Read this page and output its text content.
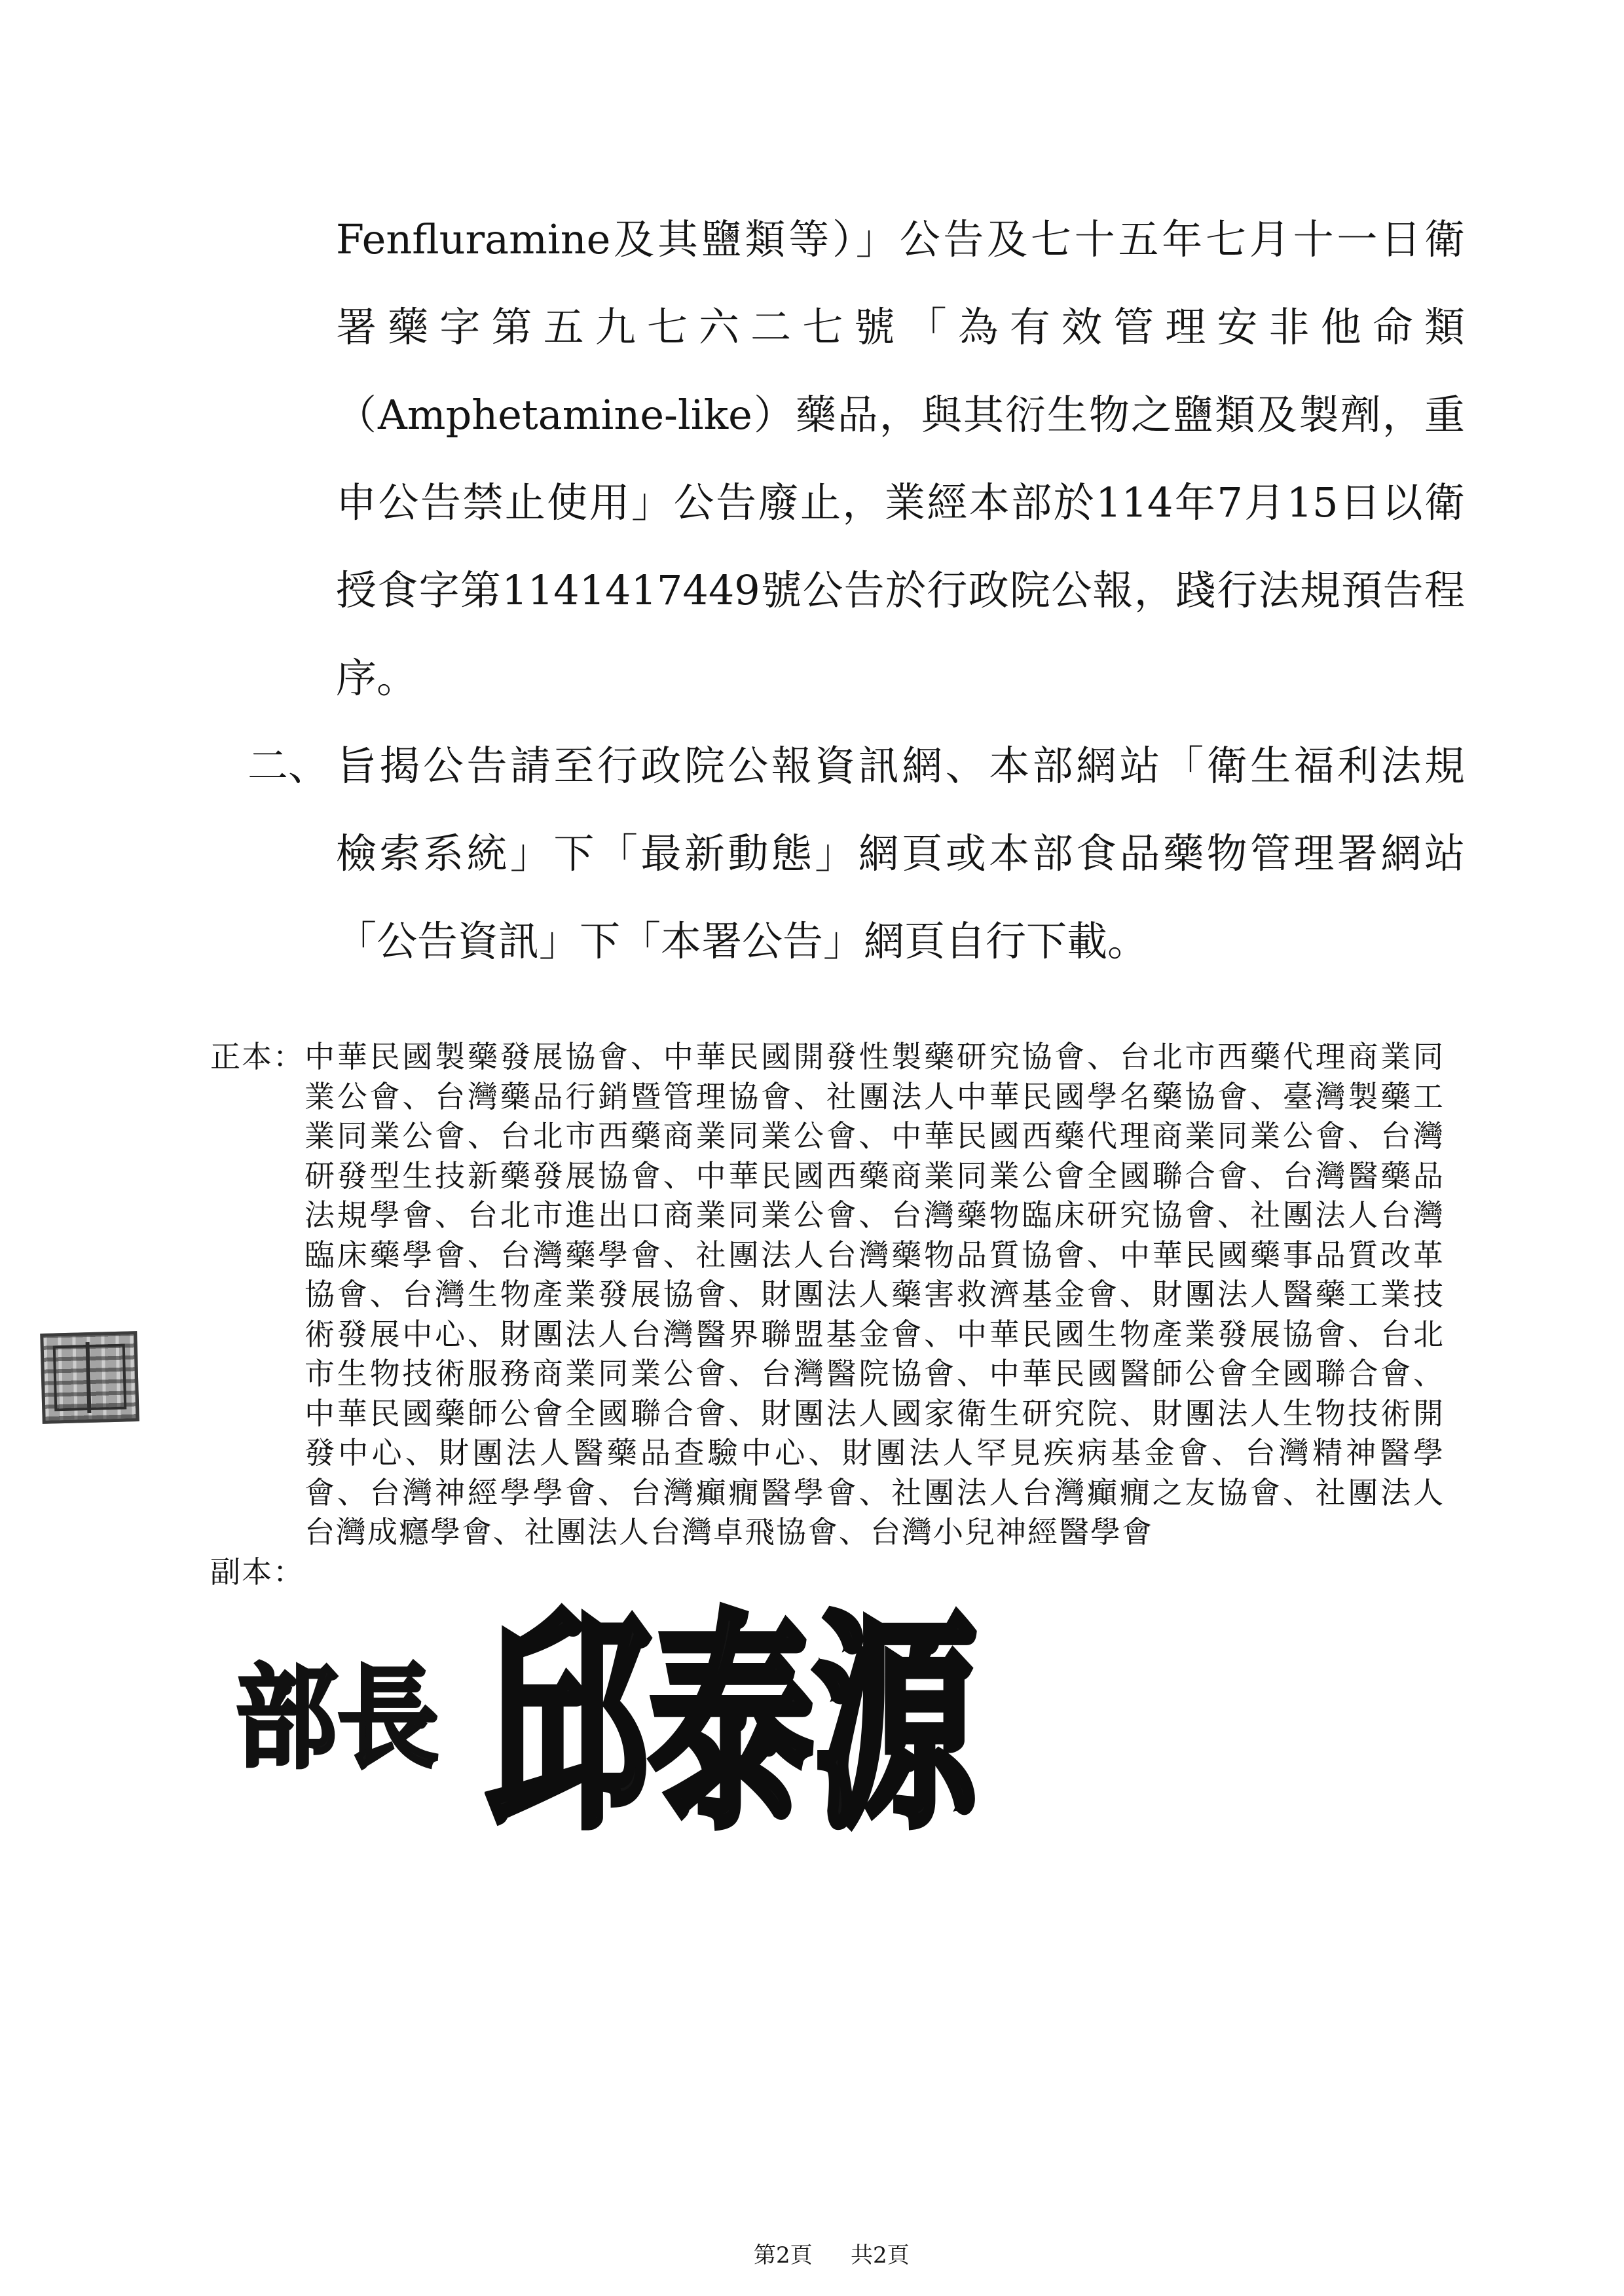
Fenfluramine及其鹽類等）」公告及七十五年七月十一日衛
署藥字第五九七六二七號「為有效管理安非他命類
（Amphetamine-like）藥品，與其衍生物之鹽類及製劑，重
申公告禁止使用」公告廢止，業經本部於114年7月15日以衛
授食字第1141417449號公告於行政院公報，踐行法規預告程
序。
二、 旨揭公告請至行政院公報資訊網、本部網站「衛生福利法規
檢索系統」下「最新動態」網頁或本部食品藥物管理署網站
「公告資訊」下「本署公告」網頁自行下載。
正本： 中華民國製藥發展協會、中華民國開發性製藥研究協會、台北市西藥代理商業同
業公會、台灣藥品行銷暨管理協會、社團法人中華民國學名藥協會、臺灣製藥工
業同業公會、台北市西藥商業同業公會、中華民國西藥代理商業同業公會、台灣
研發型生技新藥發展協會、中華民國西藥商業同業公會全國聯合會、台灣醫藥品
法規學會、台北市進出口商業同業公會、台灣藥物臨床研究協會、社團法人台灣
臨床藥學會、台灣藥學會、社團法人台灣藥物品質協會、中華民國藥事品質改革
協會、台灣生物產業發展協會、財團法人藥害救濟基金會、財團法人醫藥工業技
術發展中心、財團法人台灣醫界聯盟基金會、中華民國生物產業發展協會、台北
市生物技術服務商業同業公會、台灣醫院協會、中華民國醫師公會全國聯合會、
中華民國藥師公會全國聯合會、財團法人國家衛生研究院、財團法人生物技術開
發中心、財團法人醫藥品查驗中心、財團法人罕見疾病基金會、台灣精神醫學
會、台灣神經學學會、台灣癲癇醫學會、社團法人台灣癲癇之友協會、社團法人
台灣成癮學會、社團法人台灣卓飛協會、台灣小兒神經醫學會
副本：
部長 邱泰源
第2頁 共2頁
